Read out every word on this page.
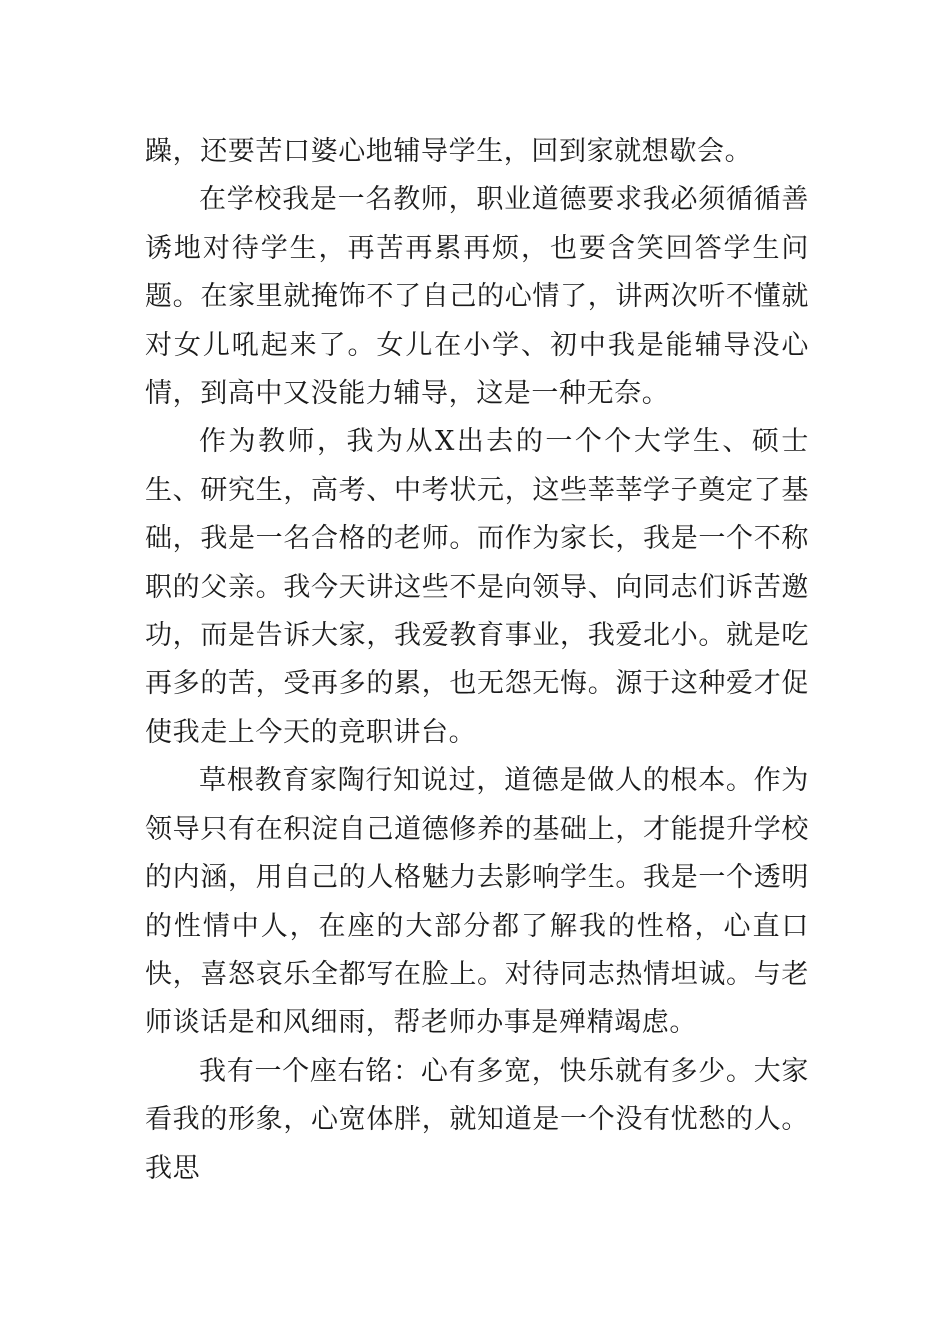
躁，还要苦口婆心地辅导学生，回到家就想歇会。

在学校我是一名教师，职业道德要求我必须循循善诱地对待学生，再苦再累再烦，也要含笑回答学生问题。在家里就掩饰不了自己的心情了，讲两次听不懂就对女儿吼起来了。女儿在小学、初中我是能辅导没心情，到高中又没能力辅导，这是一种无奈。

作为教师，我为从X出去的一个个大学生、硕士生、研究生，高考、中考状元，这些莘莘学子奠定了基础，我是一名合格的老师。而作为家长，我是一个不称职的父亲。我今天讲这些不是向领导、向同志们诉苦邀功，而是告诉大家，我爱教育事业，我爱北小。就是吃再多的苦，受再多的累，也无怨无悔。源于这种爱才促使我走上今天的竞职讲台。

草根教育家陶行知说过，道德是做人的根本。作为领导只有在积淀自己道德修养的基础上，才能提升学校的内涵，用自己的人格魅力去影响学生。我是一个透明的性情中人，在座的大部分都了解我的性格，心直口快，喜怒哀乐全都写在脸上。对待同志热情坦诚。与老师谈话是和风细雨，帮老师办事是殚精竭虑。

我有一个座右铭：心有多宽，快乐就有多少。大家看我的形象，心宽体胖，就知道是一个没有忧愁的人。我思
